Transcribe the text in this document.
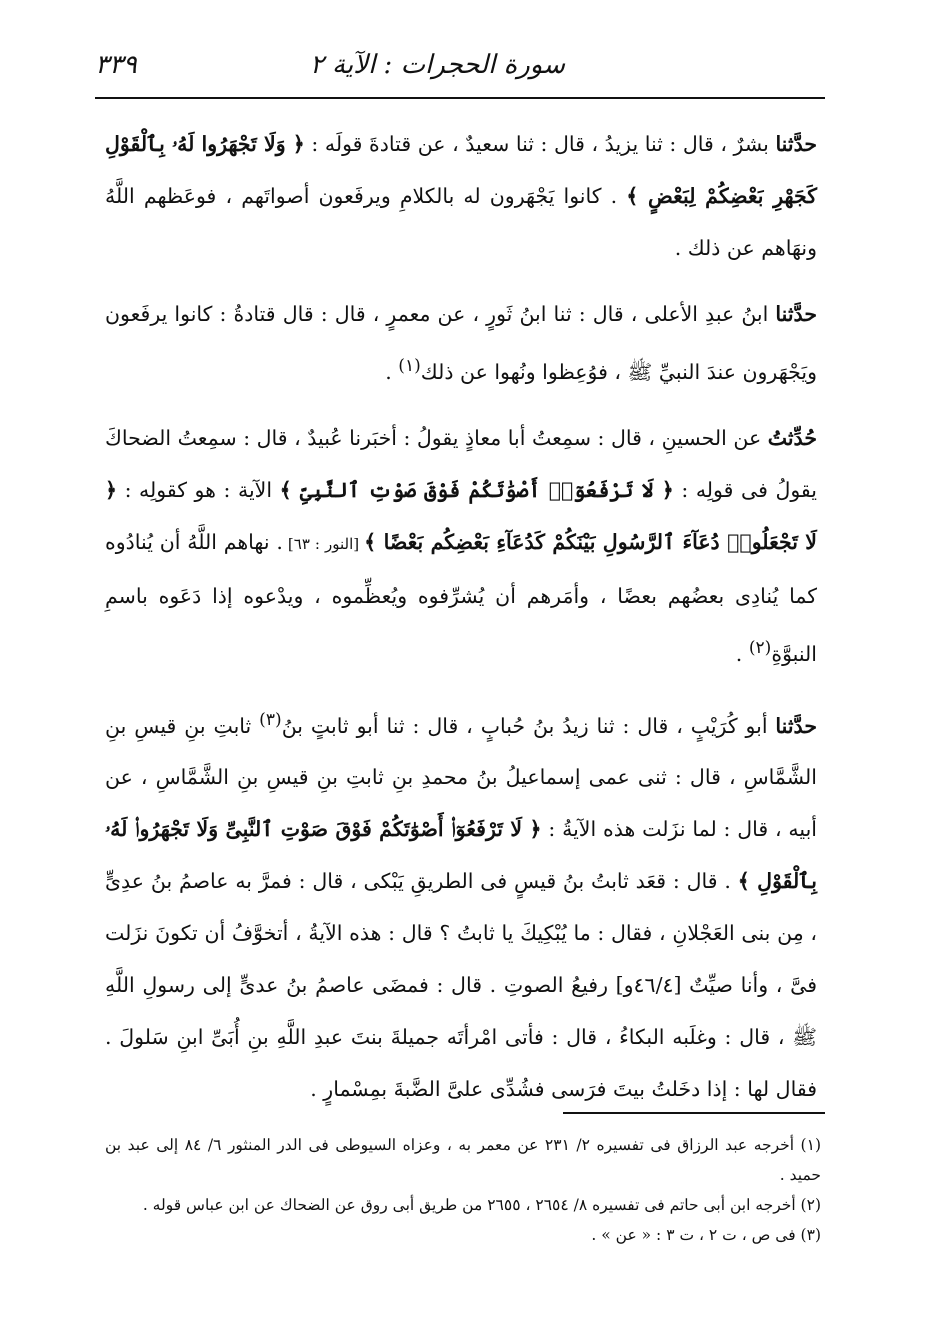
سورة الحجرات : الآية ٢
٣٣٩

حدَّثنا بشرٌ ، قال : ثنا يزيدُ ، قال : ثنا سعيدٌ ، عن قتادةَ قولَه : ﴿ وَلَا تَجْهَرُوا لَهُۥ بِٱلْقَوْلِ كَجَهْرِ بَعْضِكُمْ لِبَعْضٍ ﴾ . كانوا يَجْهَرون له بالكلامِ ويرفَعون أصواتَهم ، فوعَظهم اللَّهُ ونهَاهم عن ذلك .

حدَّثنا ابنُ عبدِ الأعلى ، قال : ثنا ابنُ ثَورٍ ، عن معمرٍ ، قال : قال قتادةُ : كانوا يرفَعون ويَجْهَرون عندَ النبيِّ ﷺ ، فوُعِظوا ونُهوا عن ذلك$^{(١)}$ .

حُدِّثتُ عن الحسينِ ، قال : سمِعتُ أبا معاذٍ يقولُ : أخبَرنا عُبيدٌ ، قال : سمِعتُ الضحاكَ يقولُ فى قولِه : ﴿ لَا تَرْفَعُوٓا۟ أَصْوَٰتَكُمْ فَوْقَ صَوْتِ ٱلنَّبِىِّ ﴾ الآية : هو كقولِه : ﴿ لَا تَجْعَلُوا۟ دُعَآءَ ٱلرَّسُولِ بَيْنَكُمْ كَدُعَآءِ بَعْضِكُم بَعْضًا ﴾ [النور : ٦٣] . نهاهم اللَّهُ أن يُنادُوه كما يُنادِى بعضُهم بعضًا ، وأمَرهم أن يُشرِّفوه ويُعظِّموه ، ويدْعوه إذا دَعَوه باسمِ النبوَّةِ$^{(٢)}$ .

حدَّثنا أبو كُرَيْبٍ ، قال : ثنا زيدُ بنُ حُبابٍ ، قال : ثنا أبو ثابتٍ بنُ$^{(٣)}$ ثابتِ بنِ قيسِ بنِ الشَّمَّاسِ ، قال : ثنى عمى إسماعيلُ بنُ محمدِ بنِ ثابتِ بنِ قيسِ بنِ الشَّمَّاسِ ، عن أبيه ، قال : لما نزَلت هذه الآيةُ : ﴿ لَا تَرْفَعُوٓا۟ أَصْوَٰتَكُمْ فَوْقَ صَوْتِ ٱلنَّبِىِّ وَلَا تَجْهَرُوا۟ لَهُۥ بِٱلْقَوْلِ ﴾ . قال : قعَد ثابتُ بنُ قيسٍ فى الطريقِ يَبْكى ، قال : فمرَّ به عاصمُ بنُ عدِىٍّ ، مِن بنى العَجْلانِ ، فقال : ما يُبْكِيكَ يا ثابتُ ؟ قال : هذه الآيةُ ، أتخوَّفُ أن تكونَ نزَلت فىَّ ، وأنا صيِّتٌ [٤٦/٤و] رفيعُ الصوتِ . قال : فمضَى عاصمُ بنُ عدىٍّ إلى رسولِ اللَّهِ ﷺ ، قال : وغلَبه البكاءُ ، قال : فأتى امْرأتَه جميلةَ بنتَ عبدِ اللَّهِ بنِ أُبَىِّ ابنِ سَلولَ . فقال لها : إذا دخَلتُ بيتَ فرَسى فشُدِّى علىَّ الضَّبةَ بمِسْمارٍ .

(١) أخرجه عبد الرزاق فى تفسيره ٢/ ٢٣١ عن معمر به ، وعزاه السيوطى فى الدر المنثور ٦/ ٨٤ إلى عبد بن حميد .

(٢) أخرجه ابن أبى حاتم فى تفسيره ٨/ ٢٦٥٤ ، ٢٦٥٥ من طريق أبى روق عن الضحاك عن ابن عباس قوله .

(٣) فى ص ، ت ٢ ، ت ٣ : « عن » .
